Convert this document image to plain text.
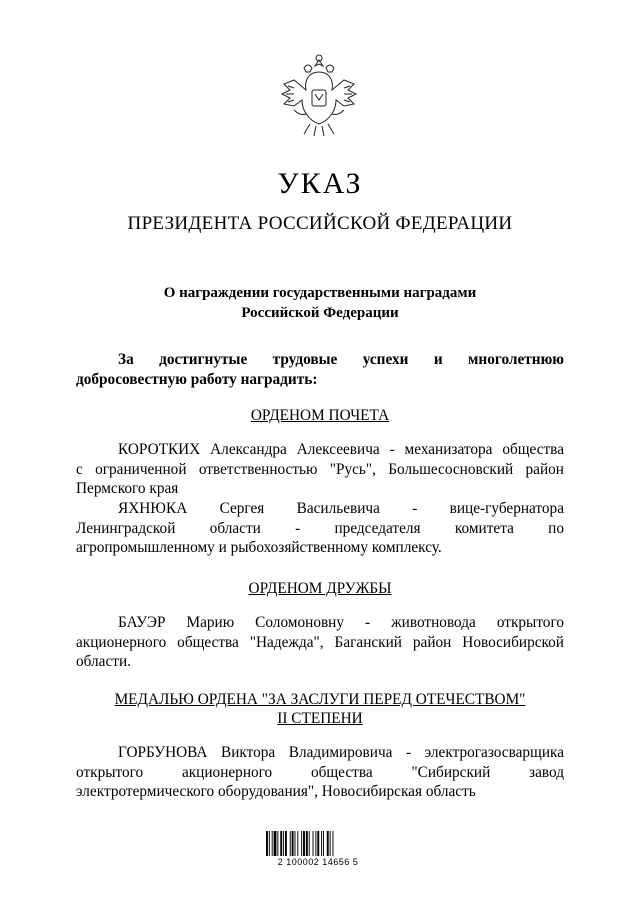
УКАЗ
ПРЕЗИДЕНТА РОССИЙСКОЙ ФЕДЕРАЦИИ
О награждении государственными наградами
Российской Федерации
За достигнутые трудовые успехи и многолетнюю
добросовестную работу наградить:
ОРДЕНОМ ПОЧЕТА
КОРОТКИХ Александра Алексеевича - механизатора общества
с ограниченной ответственностью "Русь", Большесосновский район
Пермского края
ЯХНЮКА Сергея Васильевича - вице-губернатора
Ленинградской области - председателя комитета по
агропромышленному и рыбохозяйственному комплексу.
ОРДЕНОМ ДРУЖБЫ
БАУЭР Марию Соломоновну - животновода открытого
акционерного общества "Надежда", Баганский район Новосибирской
области.
МЕДАЛЬЮ ОРДЕНА "ЗА ЗАСЛУГИ ПЕРЕД ОТЕЧЕСТВОМ"
II СТЕПЕНИ
ГОРБУНОВА Виктора Владимировича - электрогазосварщика
открытого акционерного общества "Сибирский завод
электротермического оборудования", Новосибирская область
2 100002 14656 5
